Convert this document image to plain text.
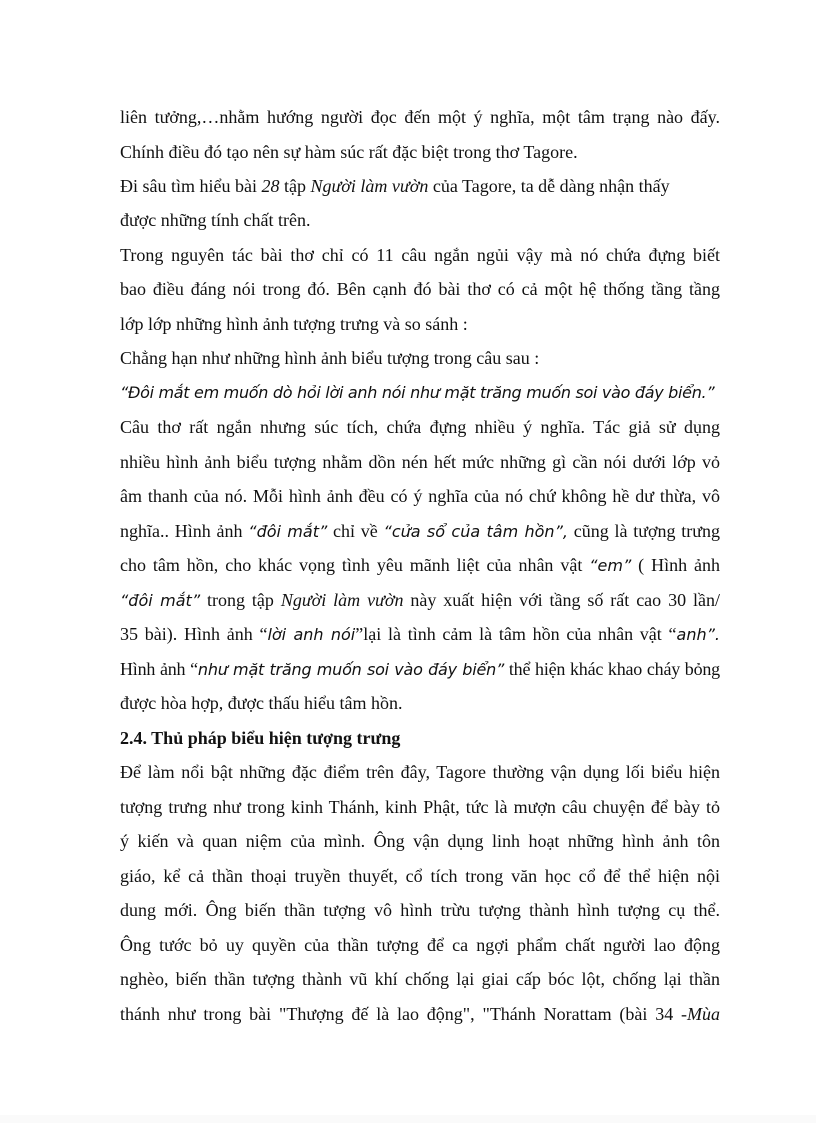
liên tưởng,…nhằm hướng người đọc đến một ý nghĩa, một tâm trạng nào đấy.
Chính điều đó tạo nên sự hàm súc rất đặc biệt trong thơ Tagore.
Đi sâu tìm hiểu bài 28 tập Người làm vườn của Tagore, ta dễ dàng nhận thấy
được những tính chất trên.
Trong nguyên tác bài thơ chỉ có 11 câu ngắn ngủi vậy mà nó chứa đựng biết
bao điều đáng nói trong đó. Bên cạnh đó bài thơ có cả một hệ thống tầng tầng
lớp lớp những hình ảnh tượng trưng và so sánh :
Chẳng hạn như những hình ảnh biểu tượng trong câu sau :
“Đôi mắt em muốn dò hỏi lời anh nói như mặt trăng muốn soi vào đáy biển.”
Câu thơ rất ngắn nhưng súc tích, chứa đựng nhiều ý nghĩa. Tác giả sử dụng
nhiều hình ảnh biểu tượng nhằm dồn nén hết mức những gì cần nói dưới lớp vỏ
âm thanh của nó. Mỗi hình ảnh đều có ý nghĩa của nó chứ không hề dư thừa, vô
nghĩa.. Hình ảnh “đôi mắt” chỉ về “cửa sổ của tâm hồn”, cũng là tượng trưng
cho tâm hồn, cho khác vọng tình yêu mãnh liệt của nhân vật “em” ( Hình ảnh
“đôi mắt” trong tập Người làm vườn này xuất hiện với tầng số rất cao 30 lần/
35 bài). Hình ảnh “lời anh nói”lại là tình cảm là tâm hồn của nhân vật “anh”.
Hình ảnh “như mặt trăng muốn soi vào đáy biển” thể hiện khác khao cháy bỏng
được hòa hợp, được thấu hiểu tâm hồn.
2.4. Thủ pháp biểu hiện tượng trưng
Để làm nổi bật những đặc điểm trên đây, Tagore thường vận dụng lối biểu hiện
tượng trưng như trong kinh Thánh, kinh Phật, tức là mượn câu chuyện để bày tỏ
ý kiến và quan niệm của mình. Ông vận dụng linh hoạt những hình ảnh tôn
giáo, kể cả thần thoại truyền thuyết, cổ tích trong văn học cổ để thể hiện nội
dung mới. Ông biến thần tượng vô hình trừu tượng thành hình tượng cụ thể.
Ông tước bỏ uy quyền của thần tượng để ca ngợi phẩm chất người lao động
nghèo, biến thần tượng thành vũ khí chống lại giai cấp bóc lột, chống lại thần
thánh như trong bài "Thượng đế là lao động", "Thánh Norattam (bài 34 -Mùa
